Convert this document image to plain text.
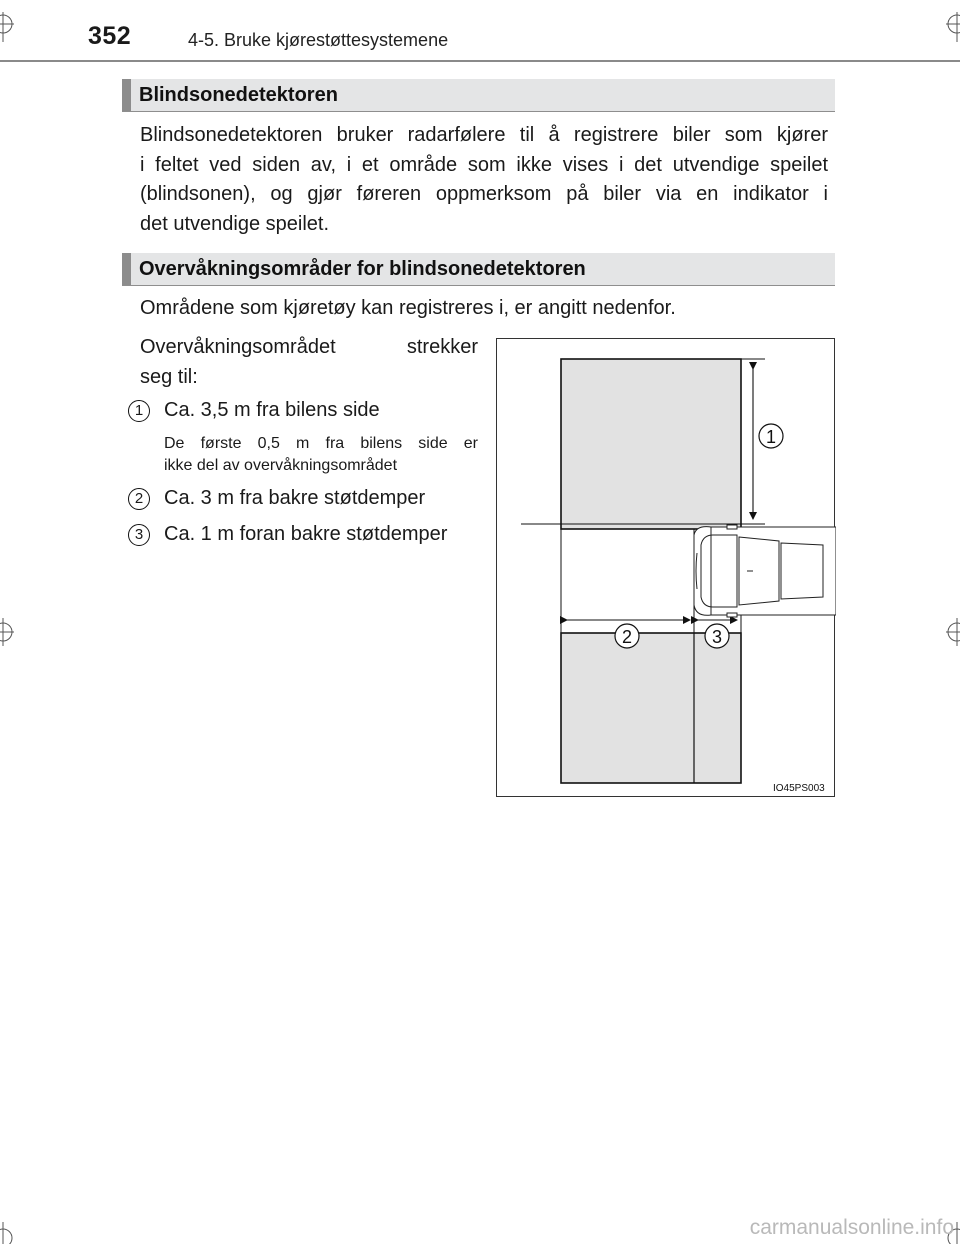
352	4-5. Bruke kjørestøttesystemene
Blindsonedetektoren
Blindsonedetektoren bruker radarfølere til å registrere biler som kjører
i feltet ved siden av, i et område som ikke vises i det utvendige speilet
(blindsonen), og gjør føreren oppmerksom på biler via en indikator i
det utvendige speilet.
Overvåkningsområder for blindsonedetektoren
Områdene som kjøretøy kan registreres i, er angitt nedenfor.
Overvåkningsområdet strekker
seg til:
1 Ca. 3,5 m fra bilens side
De første 0,5 m fra bilens side er
ikke del av overvåkningsområdet
2 Ca. 3 m fra bakre støtdemper
3 Ca. 1 m foran bakre støtdemper
1
2	3
IO45PS003
carmanualsonline.info
